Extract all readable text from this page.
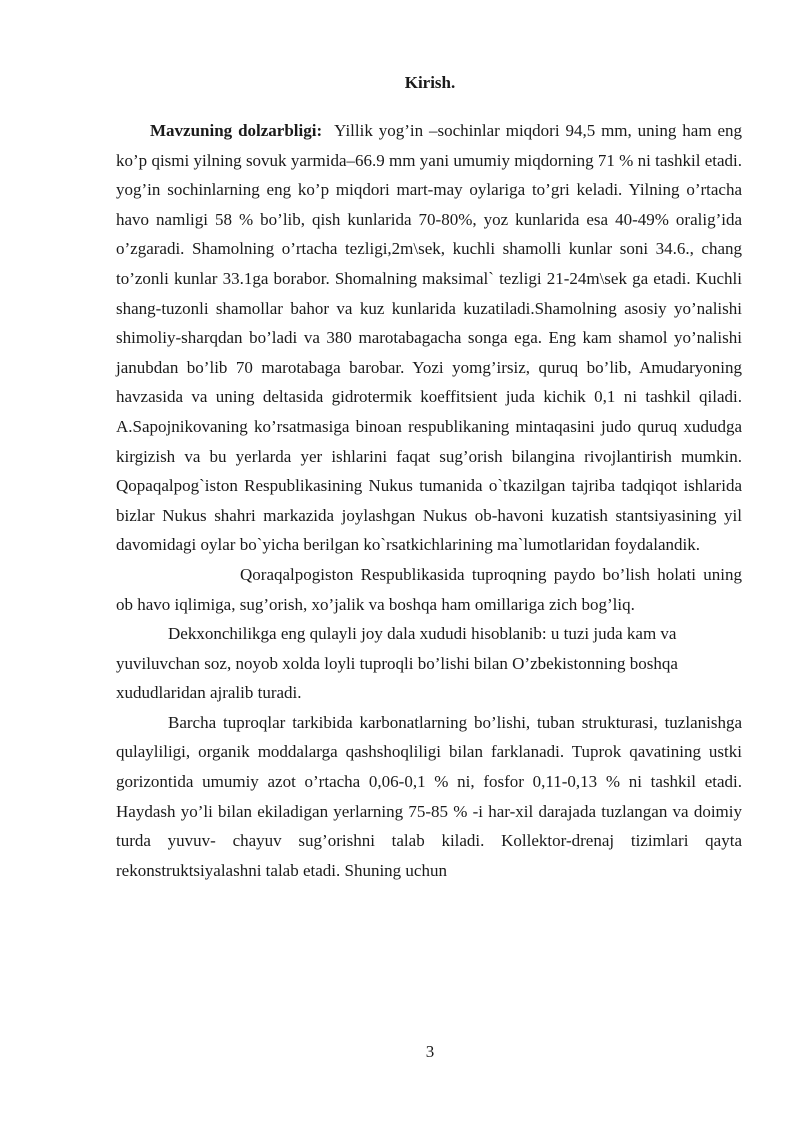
Kirish.

Mavzuning dolzarbligi: Yillik yog’in –sochinlar miqdori 94,5 mm, uning ham eng ko’p qismi yilning sovuk yarmida–66.9 mm yani umumiy miqdorning 71 % ni tashkil etadi. yog’in sochinlarning eng ko’p miqdori mart-may oylariga to’gri keladi. Yilning o’rtacha havo namligi 58 % bo’lib, qish kunlarida 70-80%, yoz kunlarida esa 40-49% oralig’ida o’zgaradi. Shamolning o’rtacha tezligi,2m\sek, kuchli shamolli kunlar soni 34.6., chang to’zonli kunlar 33.1ga borabor. Shomalning maksimal` tezligi 21-24m\sek ga etadi. Kuchli shang-tuzonli shamollar bahor va kuz kunlarida kuzatiladi.Shamolning asosiy yo’nalishi shimoliy-sharqdan bo’ladi va 380 marotabagacha songa ega. Eng kam shamol yo’nalishi janubdan bo’lib 70 marotabaga barobar. Yozi yomg’irsiz, quruq bo’lib, Amudaryoning havzasida va uning deltasida gidrotermik koeffitsient juda kichik 0,1 ni tashkil qiladi. A.Sapojnikovaning ko’rsatmasiga binoan respublikaning mintaqasini judo quruq xududga kirgizish va bu yerlarda yer ishlarini faqat sug’orish bilangina rivojlantirish mumkin. Qopaqalpog`iston Respublikasining Nukus tumanida o`tkazilgan tajriba tadqiqot ishlarida bizlar Nukus shahri markazida joylashgan Nukus ob-havoni kuzatish stantsiyasining yil davomidagi oylar bo`yicha berilgan ko`rsatkichlarining ma`lumotlaridan foydalandik.

Qoraqalpogiston Respublikasida tuproqning paydo bo’lish holati uning ob havo iqlimiga, sug’orish, xo’jalik va boshqa ham omillariga zich bog’liq.

Dekxonchilikga eng qulayli joy dala xududi hisoblanib: u tuzi juda kam va yuviluvchan soz, noyob xolda loyli tuproqli bo’lishi bilan O’zbekistonning boshqa xududlaridan ajralib turadi.

Barcha tuproqlar tarkibida karbonatlarning bo’lishi, tuban strukturasi, tuzlanishga qulayliligi, organik moddalarga qashshoqliligi bilan farklanadi. Tuprok qavatining ustki gorizontida umumiy azot o’rtacha 0,06-0,1 % ni, fosfor 0,11-0,13 % ni tashkil etadi. Haydash yo’li bilan ekiladigan yerlarning 75-85 % -i har-xil darajada tuzlangan va doimiy turda yuvuv- chayuv sug’orishni talab kiladi. Kollektor-drenaj tizimlari qayta rekonstruktsiyalashni talab etadi. Shuning uchun

3
